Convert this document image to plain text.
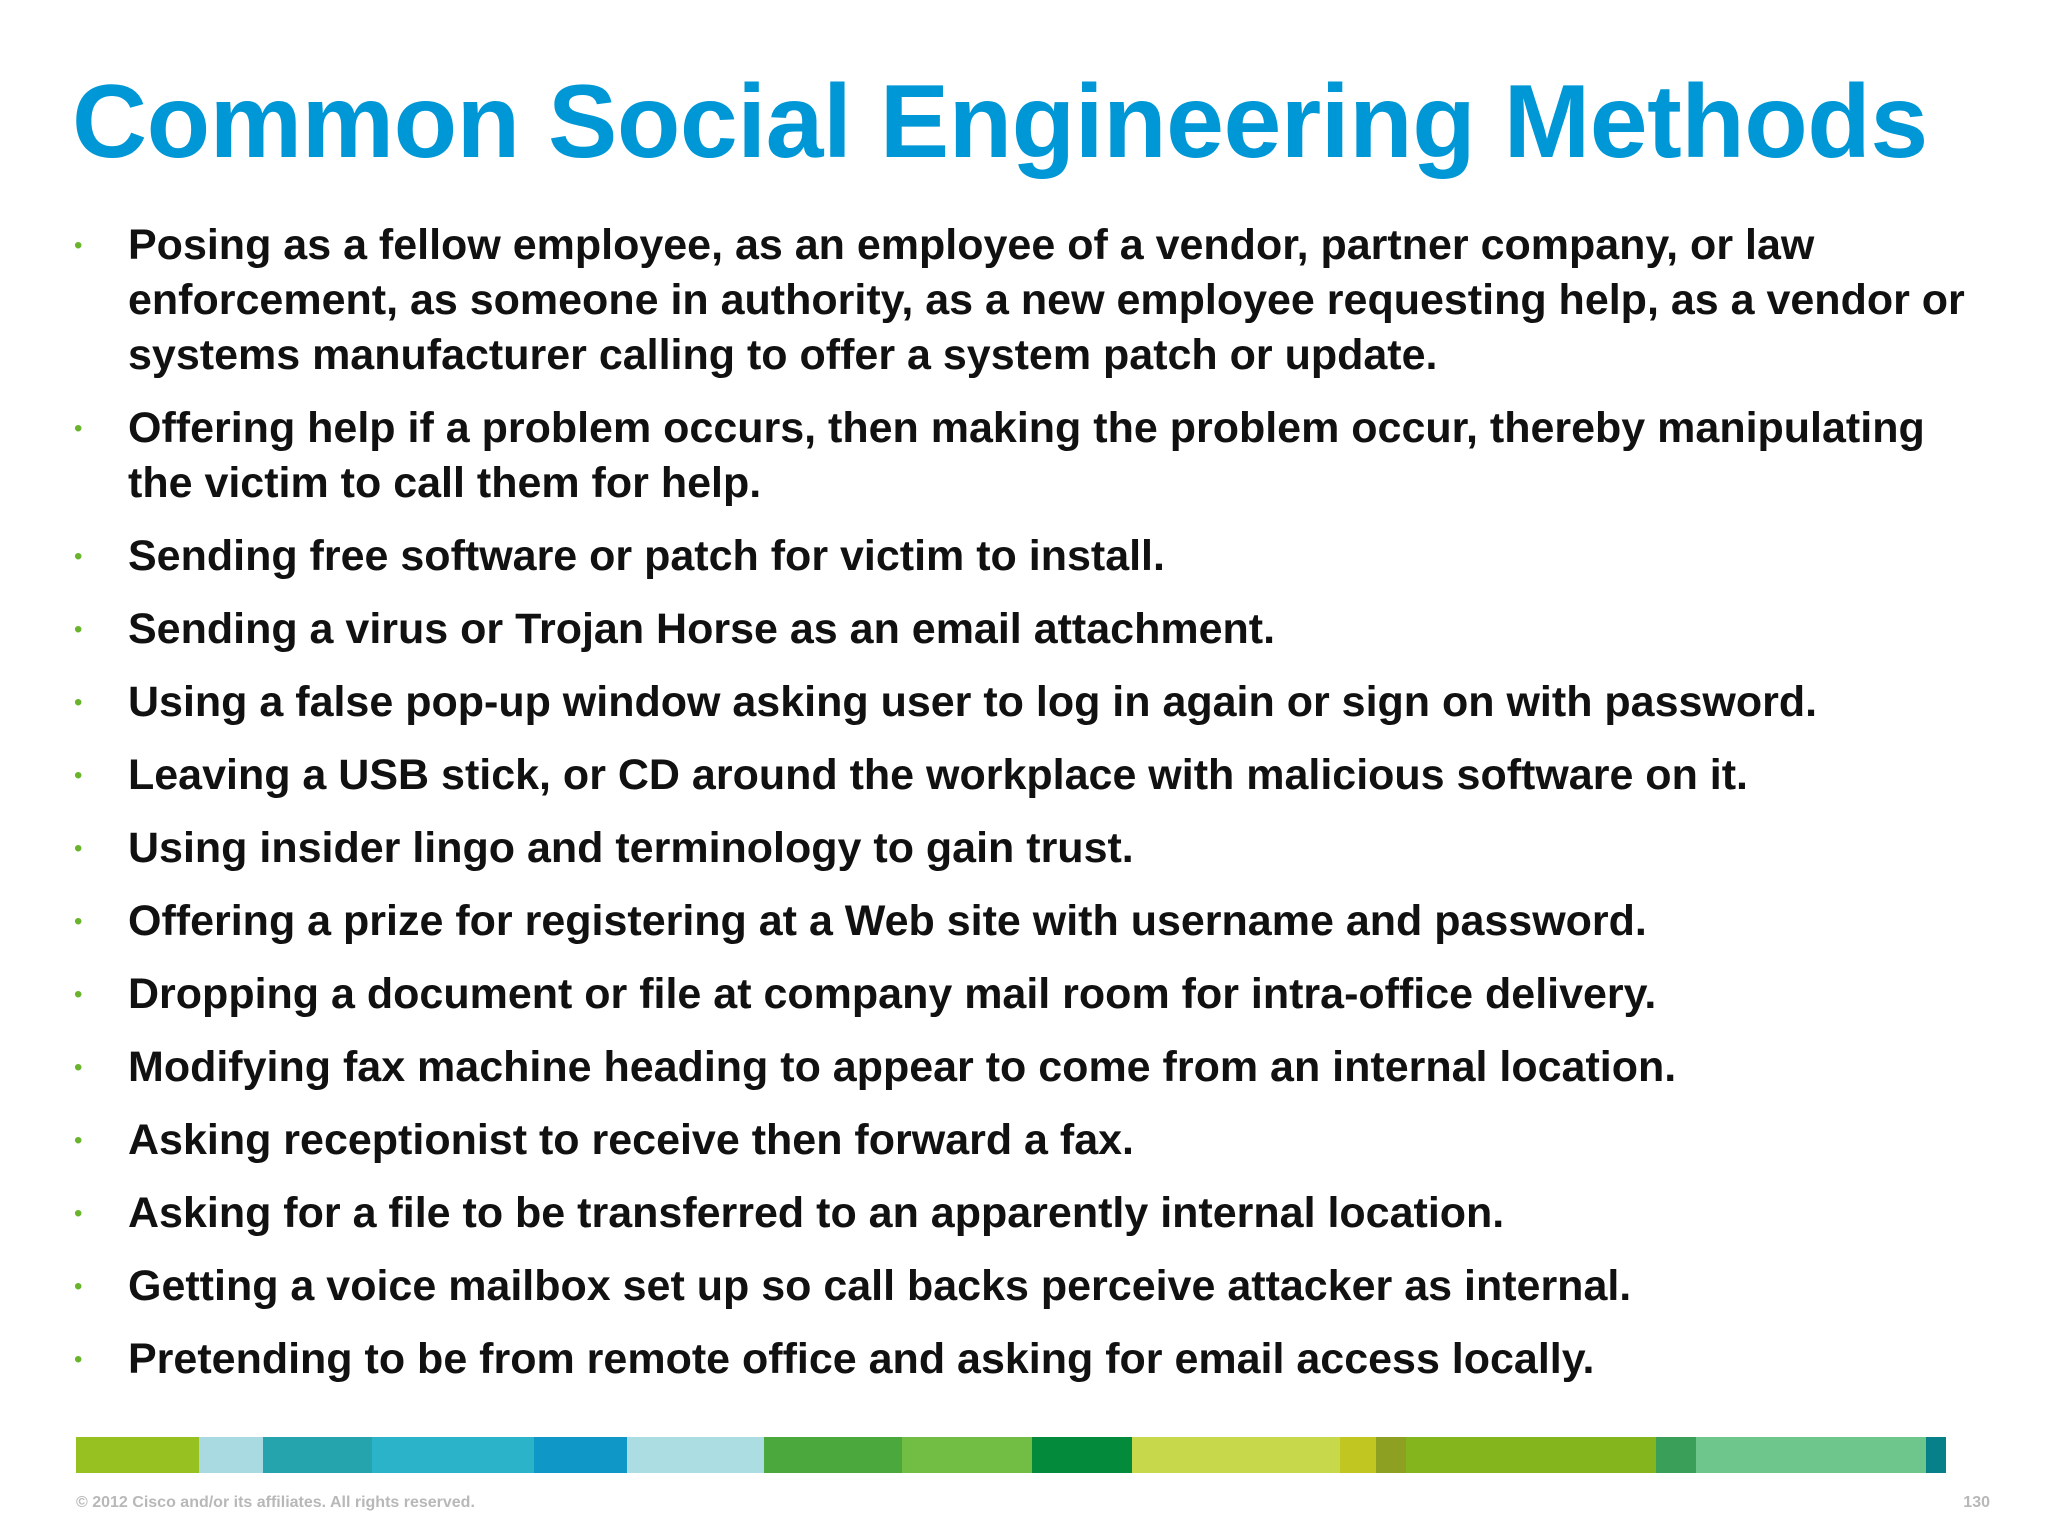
Common Social Engineering Methods
•	Posing as a fellow employee, as an employee of a vendor, partner company, or law enforcement, as someone in authority, as a new employee requesting help, as a vendor or systems manufacturer calling to offer a system patch or update.
•	Offering help if a problem occurs, then making the problem occur, thereby manipulating the victim to call them for help.
•	Sending free software or patch for victim to install.
•	Sending a virus or Trojan Horse as an email attachment.
•	Using a false pop-up window asking user to log in again or sign on with password.
•	Leaving a USB stick, or CD around the workplace with malicious software on it.
•	Using insider lingo and terminology to gain trust.
•	Offering a prize for registering at a Web site with username and password.
•	Dropping a document or file at company mail room for intra-office delivery.
•	Modifying fax machine heading to appear to come from an internal location.
•	Asking receptionist to receive then forward a fax.
•	Asking for a file to be transferred to an apparently internal location.
•	Getting a voice mailbox set up so call backs perceive attacker as internal.
•	Pretending to be from remote office and asking for email access locally.
© 2012 Cisco and/or its affiliates. All rights reserved.	130
